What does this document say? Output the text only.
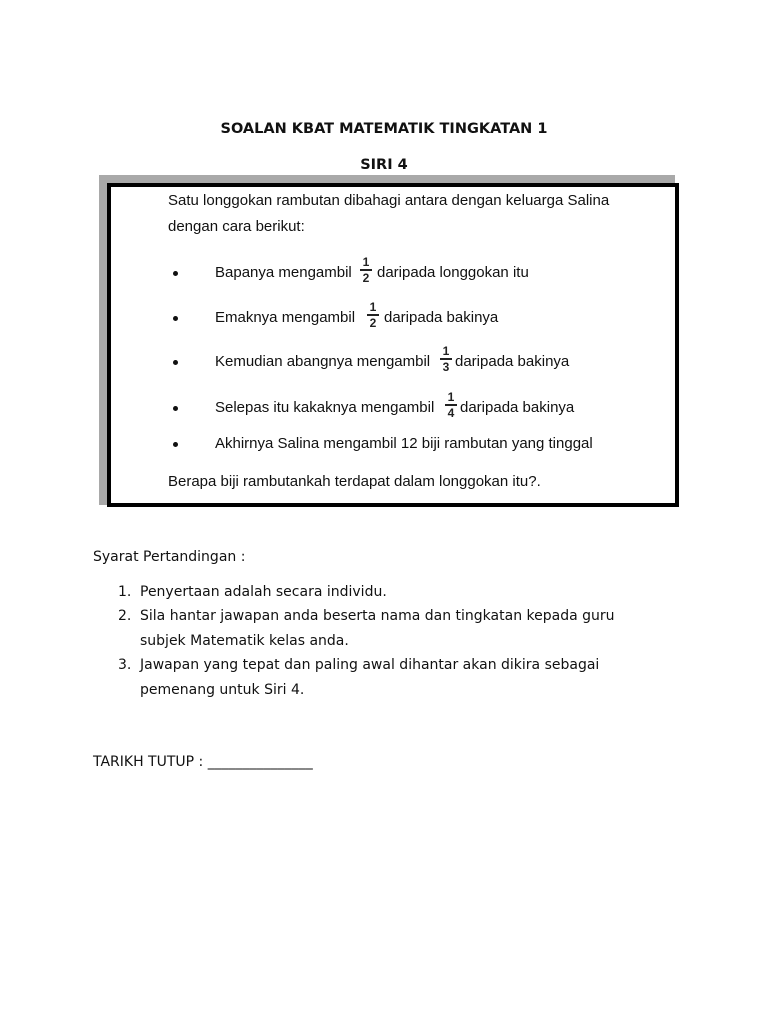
SOALAN KBAT MATEMATIK TINGKATAN 1
SIRI 4
Satu longgokan rambutan dibahagi antara dengan keluarga Salina
dengan cara berikut:
Bapanya mengambil
1
2 daripada longgokan itu
Emaknya mengambil
1
2 daripada bakinya
Kemudian abangnya mengambil
1
3 daripada bakinya
Selepas itu kakaknya mengambil
1
4 daripada bakinya
Akhirnya Salina mengambil 12 biji rambutan yang tinggal
Berapa biji rambutankah terdapat dalam longgokan itu?.
Syarat Pertandingan :
1. Penyertaan adalah secara individu.
2. Sila hantar jawapan anda beserta nama dan tingkatan kepada guru
subjek Matematik kelas anda.
3. Jawapan yang tepat dan paling awal dihantar akan dikira sebagai
pemenang untuk Siri 4.
TARIKH TUTUP : _______________
